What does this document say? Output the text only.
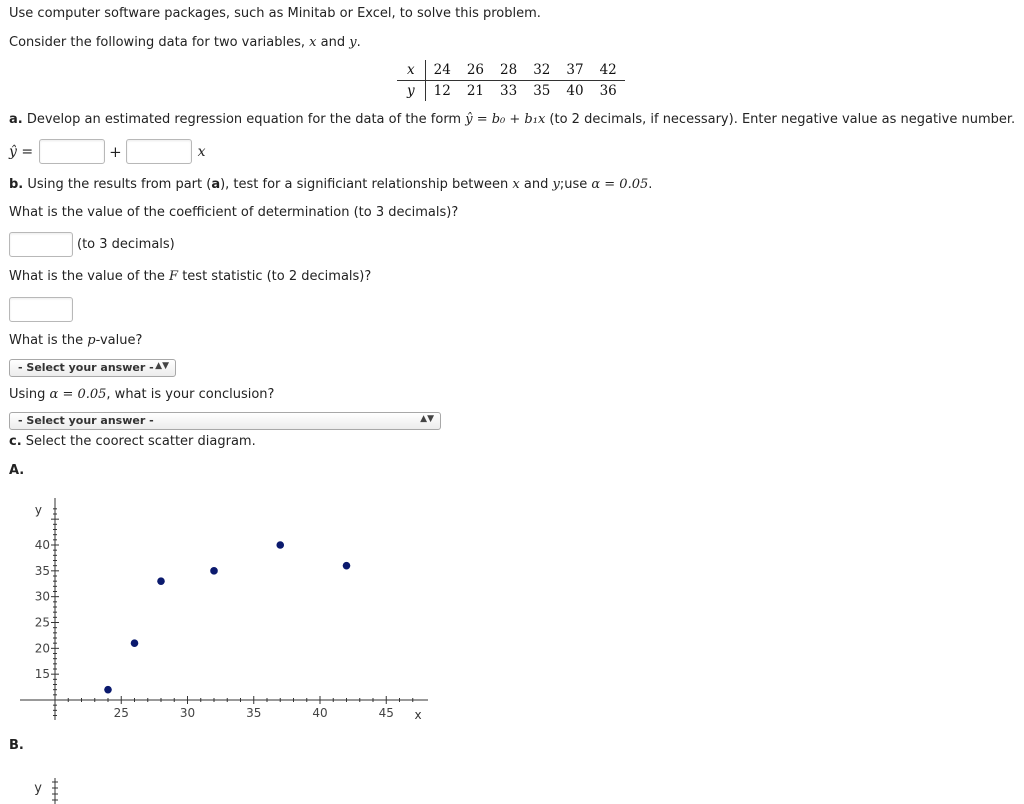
Use computer software packages, such as Minitab or Excel, to solve this problem.
Consider the following data for two variables, x and y.
x	24	26	28	32	37	42
y	12	21	33	35	40	36
a. Develop an estimated regression equation for the data of the form ŷ = b₀ + b₁x (to 2 decimals, if necessary). Enter negative value as negative number.
ŷ =	+	x
b. Using the results from part (a), test for a significiant relationship between x and y;use α = 0.05.
What is the value of the coefficient of determination (to 3 decimals)?
(to 3 decimals)
What is the value of the F test statistic (to 2 decimals)?
What is the p-value?
- Select your answer - ▲▼
Using α = 0.05, what is your conclusion?
- Select your answer -	▲▼
c. Select the coorect scatter diagram.
A.
25	30	35	40	45
15
20
25
30
35
40
x
y
B.
y
